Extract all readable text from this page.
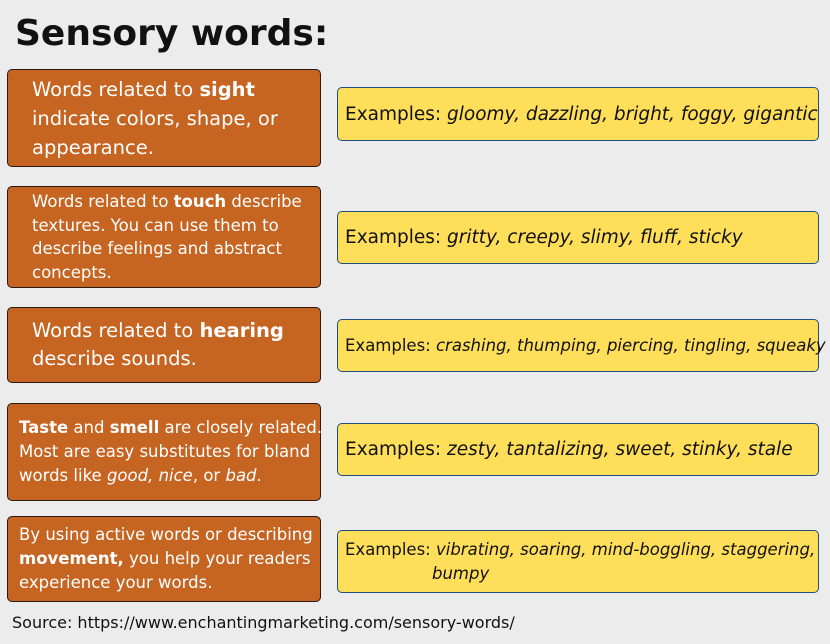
Sensory words:
Words related to sight
indicate colors, shape, or
appearance.
Examples: gloomy, dazzling, bright, foggy, gigantic
Words related to touch describe
textures. You can use them to
describe feelings and abstract
concepts.
Examples: gritty, creepy, slimy, fluff, sticky
Words related to hearing
describe sounds.
Examples: crashing, thumping, piercing, tingling, squeaky
Taste and smell are closely related.
Most are easy substitutes for bland
words like good, nice, or bad.
Examples: zesty, tantalizing, sweet, stinky, stale
By using active words or describing
movement, you help your readers
experience your words.
Examples: vibrating, soaring, mind-boggling, staggering,
bumpy
Source: https://www.enchantingmarketing.com/sensory-words/
